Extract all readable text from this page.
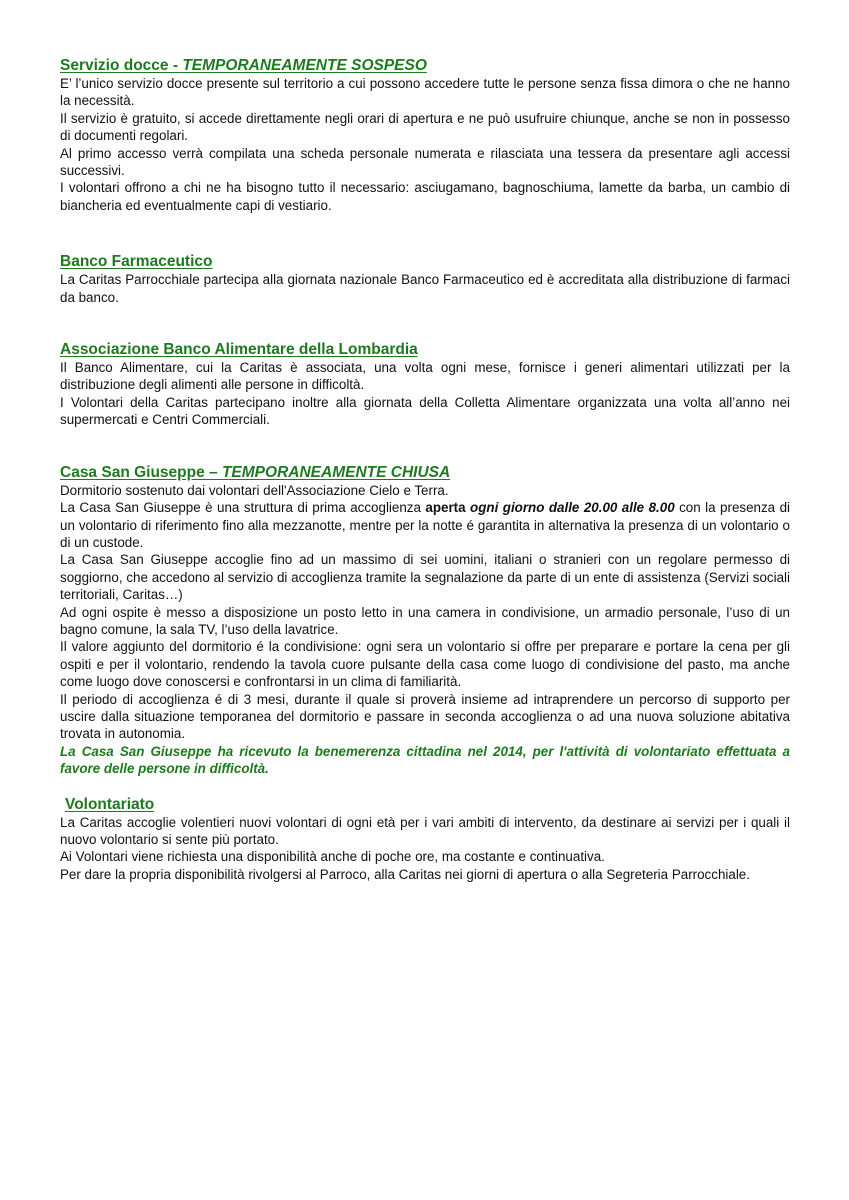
Servizio docce - TEMPORANEAMENTE SOSPESO

E’ l’unico servizio docce presente sul territorio a cui possono accedere tutte le persone senza fissa dimora o che ne hanno la necessità.

Il servizio è gratuito, si accede direttamente negli orari di apertura e ne può usufruire chiunque, anche se non in possesso di documenti regolari.

Al primo accesso verrà compilata una scheda personale numerata e rilasciata una tessera da presentare agli accessi successivi.

I volontari offrono a chi ne ha bisogno tutto il necessario: asciugamano, bagnoschiuma, lamette da barba, un cambio di biancheria ed eventualmente capi di vestiario.

Banco Farmaceutico

La Caritas Parrocchiale partecipa alla giornata nazionale Banco Farmaceutico ed è accreditata alla distribuzione di farmaci da banco.

Associazione Banco Alimentare della Lombardia

Il Banco Alimentare, cui la Caritas è associata, una volta ogni mese, fornisce i generi alimentari utilizzati per la distribuzione degli alimenti alle persone in difficoltà.

I Volontari della Caritas partecipano inoltre alla giornata della Colletta Alimentare organizzata una volta all’anno nei supermercati e Centri Commerciali.

Casa San Giuseppe – TEMPORANEAMENTE CHIUSA

Dormitorio sostenuto dai volontari dell'Associazione Cielo e Terra.

La Casa San Giuseppe è una struttura di prima accoglienza aperta ogni giorno dalle 20.00 alle 8.00 con la presenza di un volontario di riferimento fino alla mezzanotte, mentre per la notte é garantita in alternativa la presenza di un volontario o di un custode.

La Casa San Giuseppe accoglie fino ad un massimo di sei uomini, italiani o stranieri con un regolare permesso di soggiorno, che accedono al servizio di accoglienza tramite la segnalazione da parte di un ente di assistenza (Servizi sociali territoriali, Caritas…)

Ad ogni ospite è messo a disposizione un posto letto in una camera in condivisione, un armadio personale, l’uso di un bagno comune, la sala TV, l’uso della lavatrice.

Il valore aggiunto del dormitorio é la condivisione: ogni sera un volontario si offre per preparare e portare la cena per gli ospiti e per il volontario, rendendo la tavola cuore pulsante della casa come luogo di condivisione del pasto, ma anche come luogo dove conoscersi e confrontarsi in un clima di familiarità.

Il periodo di accoglienza é di 3 mesi, durante il quale si proverà insieme ad intraprendere un percorso di supporto per uscire dalla situazione temporanea del dormitorio e passare in seconda accoglienza o ad una nuova soluzione abitativa trovata in autonomia.

La Casa San Giuseppe ha ricevuto la benemerenza cittadina nel 2014, per l'attività di volontariato effettuata a favore delle persone in difficoltà.

Volontariato

La Caritas accoglie volentieri nuovi volontari di ogni età per i vari ambiti di intervento, da destinare ai servizi per i quali il nuovo volontario si sente più portato.

Ai Volontari viene richiesta una disponibilità anche di poche ore, ma costante e continuativa.

Per dare la propria disponibilità rivolgersi al Parroco, alla Caritas nei giorni di apertura o alla Segreteria Parrocchiale.
